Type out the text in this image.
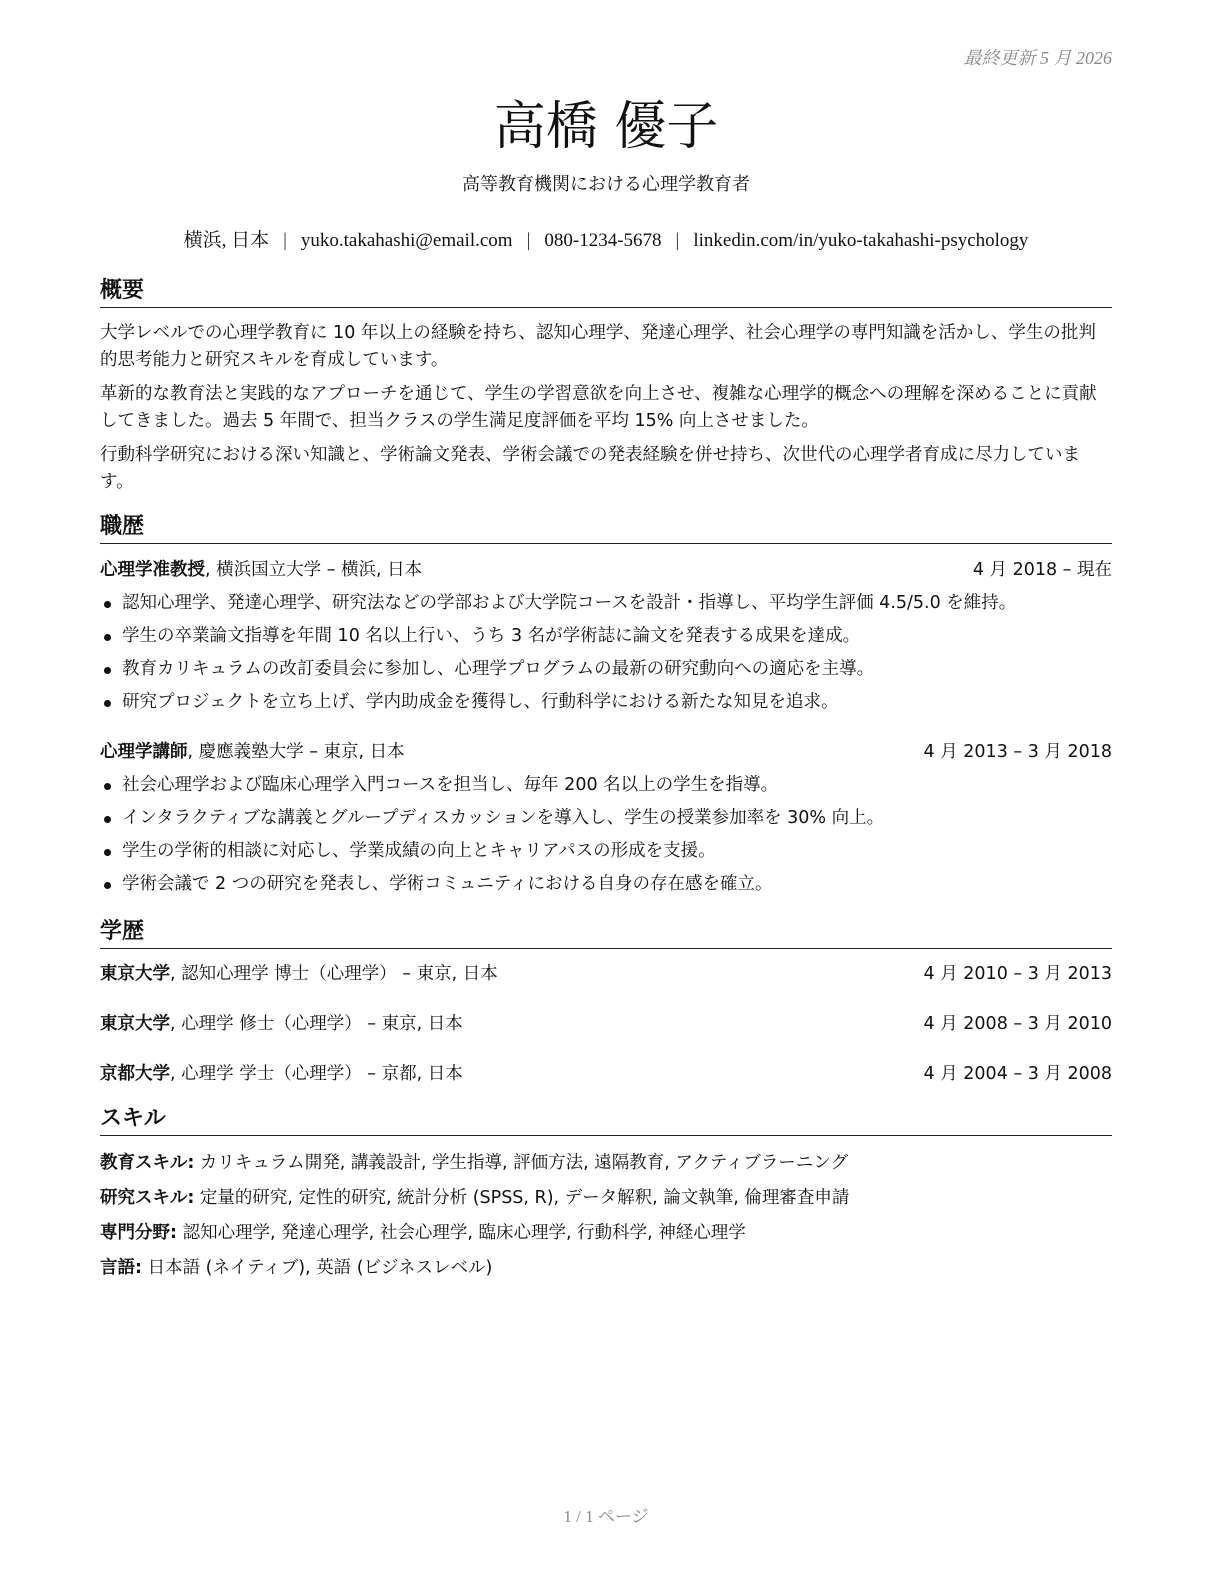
最終更新 5 月 2026
高橋 優子
高等教育機関における心理学教育者
横浜, 日本 | yuko.takahashi@email.com | 080-1234-5678 | linkedin.com/in/yuko-takahashi-psychology
概要

大学レベルでの心理学教育に 10 年以上の経験を持ち、認知心理学、発達心理学、社会心理学の専門知識を活かし、学生の批判的思考能力と研究スキルを育成しています。

革新的な教育法と実践的なアプローチを通じて、学生の学習意欲を向上させ、複雑な心理学的概念への理解を深めることに貢献してきました。過去 5 年間で、担当クラスの学生満足度評価を平均 15% 向上させました。

行動科学研究における深い知識と、学術論文発表、学術会議での発表経験を併せ持ち、次世代の心理学者育成に尽力しています。

職歴
心理学准教授, 横浜国立大学 – 横浜, 日本	4 月 2018 – 現在
認知心理学、発達心理学、研究法などの学部および大学院コースを設計・指導し、平均学生評価 4.5/5.0 を維持。
学生の卒業論文指導を年間 10 名以上行い、うち 3 名が学術誌に論文を発表する成果を達成。
教育カリキュラムの改訂委員会に参加し、心理学プログラムの最新の研究動向への適応を主導。
研究プロジェクトを立ち上げ、学内助成金を獲得し、行動科学における新たな知見を追求。
心理学講師, 慶應義塾大学 – 東京, 日本	4 月 2013 – 3 月 2018
社会心理学および臨床心理学入門コースを担当し、毎年 200 名以上の学生を指導。
インタラクティブな講義とグループディスカッションを導入し、学生の授業参加率を 30% 向上。
学生の学術的相談に対応し、学業成績の向上とキャリアパスの形成を支援。
学術会議で 2 つの研究を発表し、学術コミュニティにおける自身の存在感を確立。
学歴
東京大学, 認知心理学 博士（心理学） – 東京, 日本	4 月 2010 – 3 月 2013
東京大学, 心理学 修士（心理学） – 東京, 日本	4 月 2008 – 3 月 2010
京都大学, 心理学 学士（心理学） – 京都, 日本	4 月 2004 – 3 月 2008
スキル
教育スキル: カリキュラム開発, 講義設計, 学生指導, 評価方法, 遠隔教育, アクティブラーニング
研究スキル: 定量的研究, 定性的研究, 統計分析 (SPSS, R), データ解釈, 論文執筆, 倫理審査申請
専門分野: 認知心理学, 発達心理学, 社会心理学, 臨床心理学, 行動科学, 神経心理学
言語: 日本語 (ネイティブ), 英語 (ビジネスレベル)
1 / 1 ページ
